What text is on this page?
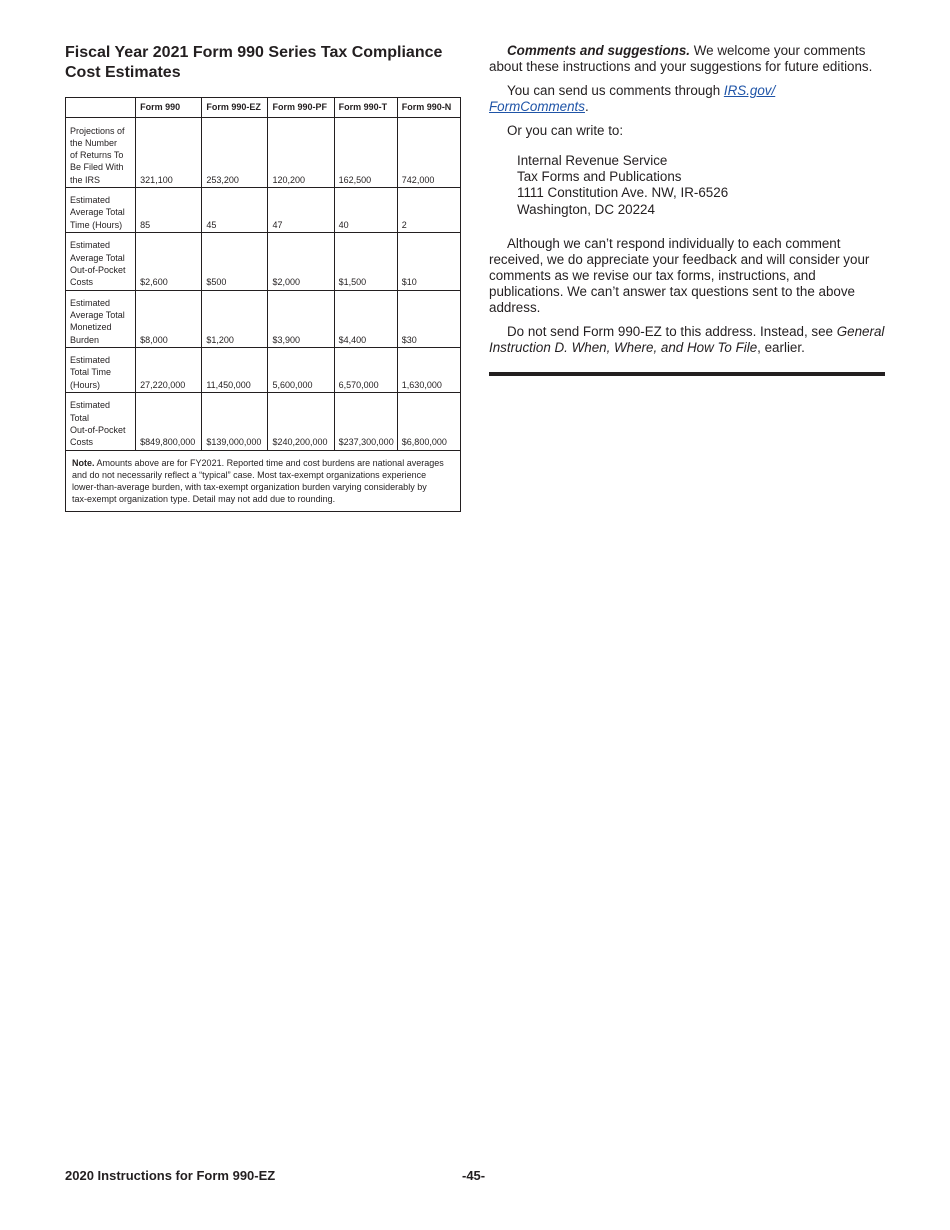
Fiscal Year 2021 Form 990 Series Tax Compliance
Cost Estimates
	Form 990	Form 990-EZ	Form 990-PF	Form 990-T	Form 990-N
Projections of
the Number
of Returns To
Be Filed With
the IRS	321,100	253,200	120,200	162,500	742,000
Estimated
Average Total
Time (Hours)	85	45	47	40	2
Estimated
Average Total
Out-of-Pocket
Costs	$2,600	$500	$2,000	$1,500	$10
Estimated
Average Total
Monetized
Burden	$8,000	$1,200	$3,900	$4,400	$30
Estimated
Total Time
(Hours)	27,220,000	11,450,000	5,600,000	6,570,000	1,630,000
Estimated
Total
Out-of-Pocket
Costs	$849,800,000	$139,000,000	$240,200,000	$237,300,000	$6,800,000
Note. Amounts above are for FY2021. Reported time and cost burdens are national averages
and do not necessarily reflect a “typical” case. Most tax-exempt organizations experience
lower-than-average burden, with tax-exempt organization burden varying considerably by
tax-exempt organization type. Detail may not add due to rounding.					

Comments and suggestions. We welcome your comments about these instructions and your suggestions for future editions.

You can send us comments through IRS.gov/
FormComments.

Or you can write to:

Internal Revenue Service
Tax Forms and Publications
1111 Constitution Ave. NW, IR-6526
Washington, DC 20224

Although we can’t respond individually to each comment received, we do appreciate your feedback and will consider your comments as we revise our tax forms, instructions, and publications. We can’t answer tax questions sent to the above address.

Do not send Form 990-EZ to this address. Instead, see General Instruction D. When, Where, and How To File, earlier.

2020 Instructions for Form 990-EZ	-45-
